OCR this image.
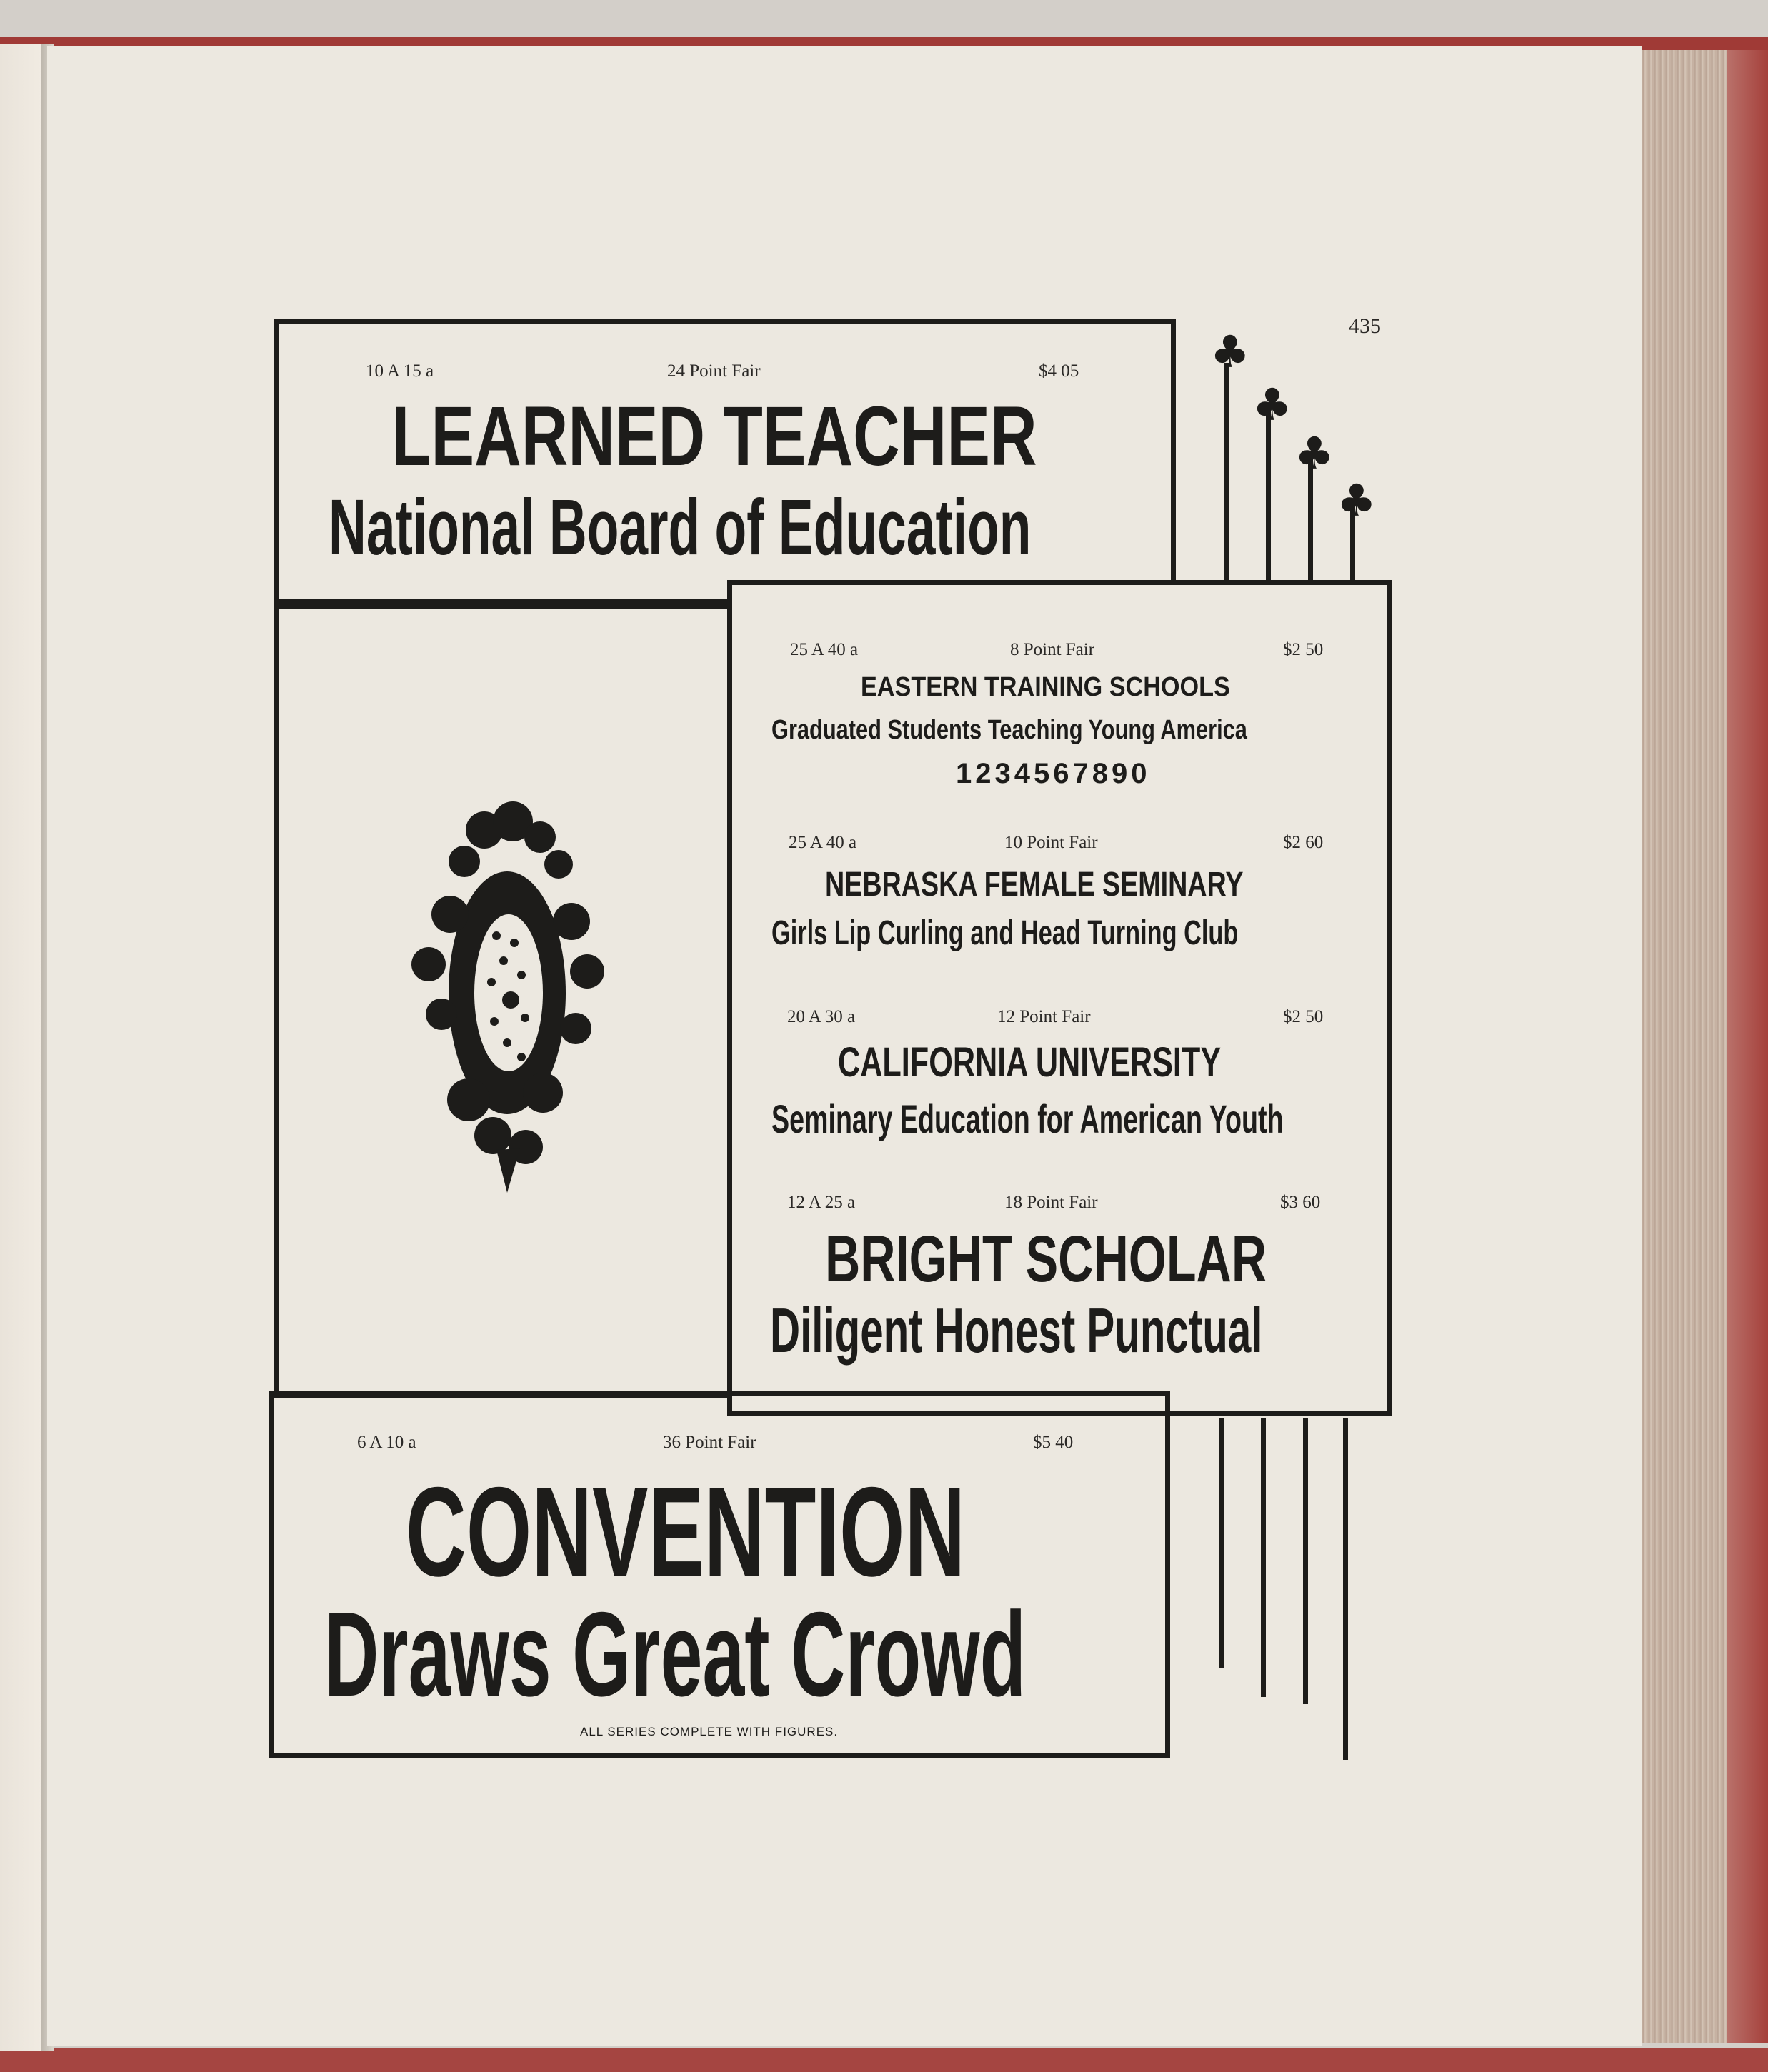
435
10 A 15 a	24 Point Fair	$4 05
LEARNED TEACHER
National Board of Education
25 A 40 a	8 Point Fair	$2 50
EASTERN TRAINING SCHOOLS
Graduated Students Teaching Young America
1234567890
25 A 40 a	10 Point Fair	$2 60
NEBRASKA FEMALE SEMINARY
Girls Lip Curling and Head Turning Club
20 A 30 a	12 Point Fair	$2 50
CALIFORNIA UNIVERSITY
Seminary Education for American Youth
12 A 25 a	18 Point Fair	$3 60
BRIGHT SCHOLAR
Diligent Honest Punctual
6 A 10 a	36 Point Fair	$5 40
CONVENTION
Draws Great Crowd
ALL SERIES COMPLETE WITH FIGURES.
♣
♣
♣
♣
